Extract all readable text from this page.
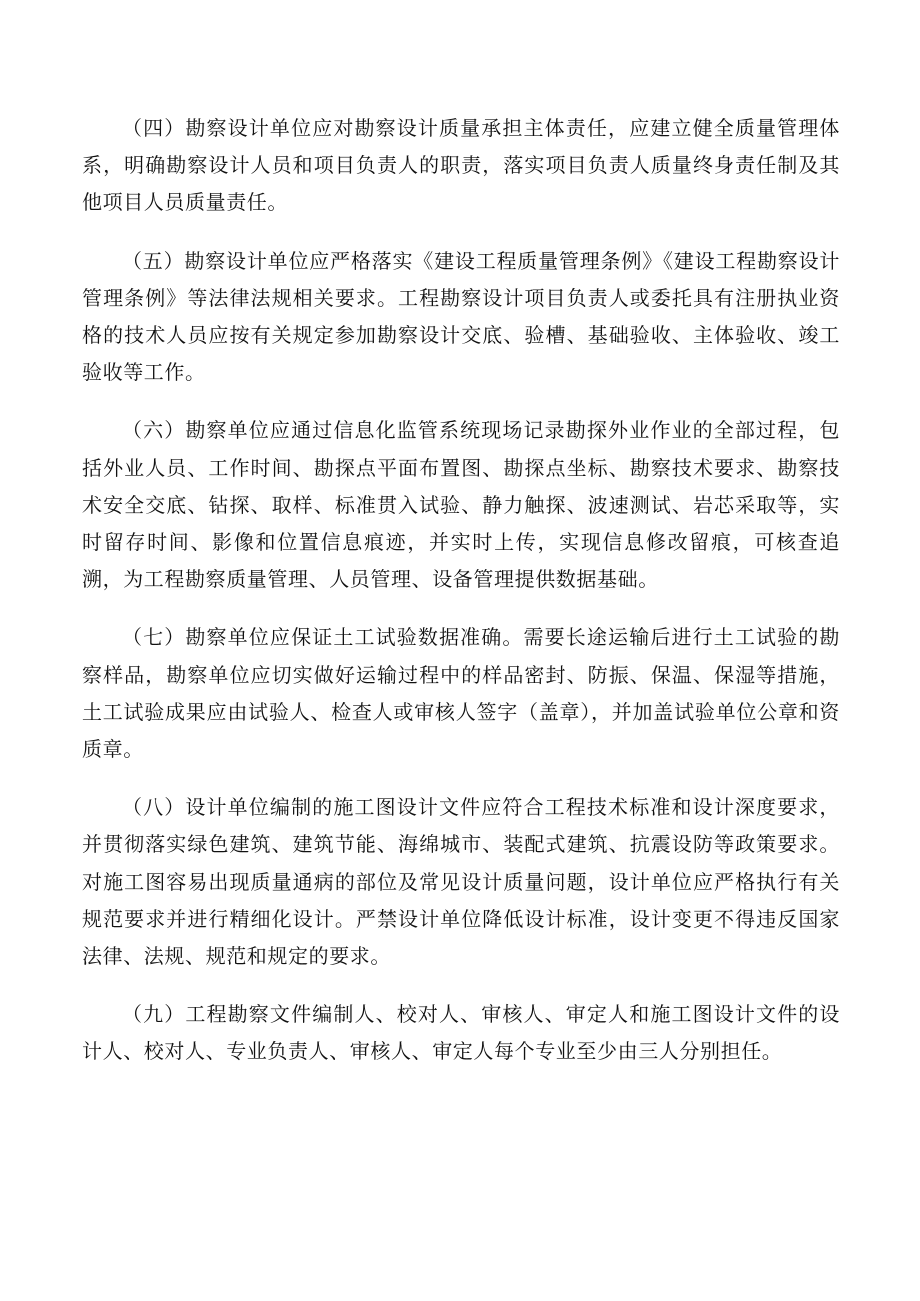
（四）勘察设计单位应对勘察设计质量承担主体责任，应建立健全质量管理体系，明确勘察设计人员和项目负责人的职责，落实项目负责人质量终身责任制及其他项目人员质量责任。

（五）勘察设计单位应严格落实《建设工程质量管理条例》《建设工程勘察设计管理条例》等法律法规相关要求。工程勘察设计项目负责人或委托具有注册执业资格的技术人员应按有关规定参加勘察设计交底、验槽、基础验收、主体验收、竣工验收等工作。

（六）勘察单位应通过信息化监管系统现场记录勘探外业作业的全部过程，包括外业人员、工作时间、勘探点平面布置图、勘探点坐标、勘察技术要求、勘察技术安全交底、钻探、取样、标准贯入试验、静力触探、波速测试、岩芯采取等，实时留存时间、影像和位置信息痕迹，并实时上传，实现信息修改留痕，可核查追溯，为工程勘察质量管理、人员管理、设备管理提供数据基础。

（七）勘察单位应保证土工试验数据准确。需要长途运输后进行土工试验的勘察样品，勘察单位应切实做好运输过程中的样品密封、防振、保温、保湿等措施，土工试验成果应由试验人、检查人或审核人签字（盖章），并加盖试验单位公章和资质章。

（八）设计单位编制的施工图设计文件应符合工程技术标准和设计深度要求，并贯彻落实绿色建筑、建筑节能、海绵城市、装配式建筑、抗震设防等政策要求。对施工图容易出现质量通病的部位及常见设计质量问题，设计单位应严格执行有关规范要求并进行精细化设计。严禁设计单位降低设计标准，设计变更不得违反国家法律、法规、规范和规定的要求。

（九）工程勘察文件编制人、校对人、审核人、审定人和施工图设计文件的设计人、校对人、专业负责人、审核人、审定人每个专业至少由三人分别担任。
